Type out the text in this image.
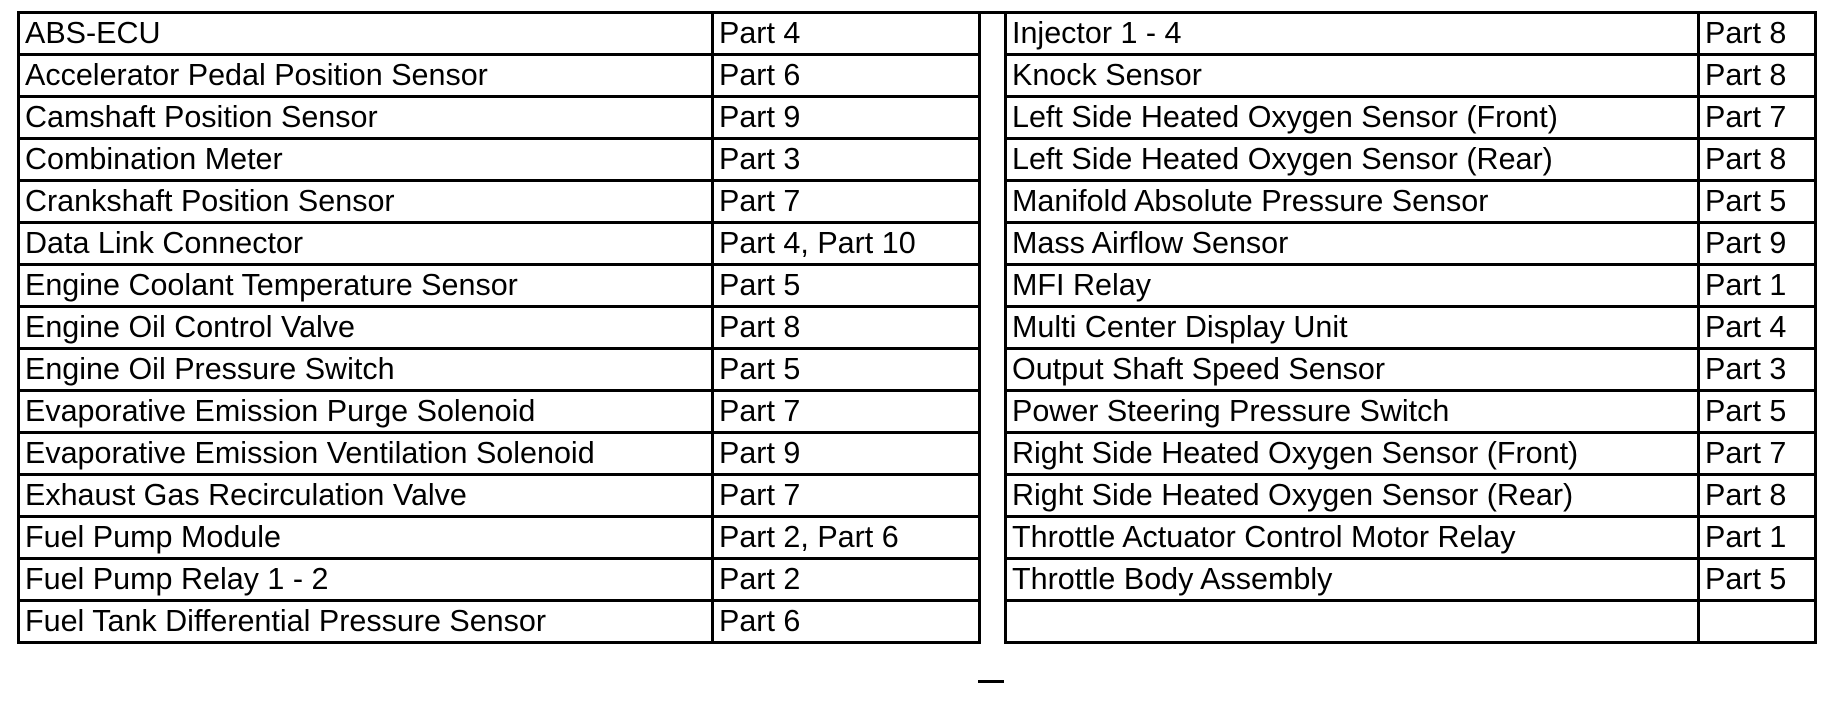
ABS-ECU	Part 4
Accelerator Pedal Position Sensor	Part 6
Camshaft Position Sensor	Part 9
Combination Meter	Part 3
Crankshaft Position Sensor	Part 7
Data Link Connector	Part 4, Part 10
Engine Coolant Temperature Sensor	Part 5
Engine Oil Control Valve	Part 8
Engine Oil Pressure Switch	Part 5
Evaporative Emission Purge Solenoid	Part 7
Evaporative Emission Ventilation Solenoid	Part 9
Exhaust Gas Recirculation Valve	Part 7
Fuel Pump Module	Part 2, Part 6
Fuel Pump Relay 1 - 2	Part 2
Fuel Tank Differential Pressure Sensor	Part 6
Injector 1 - 4	Part 8
Knock Sensor	Part 8
Left Side Heated Oxygen Sensor (Front)	Part 7
Left Side Heated Oxygen Sensor (Rear)	Part 8
Manifold Absolute Pressure Sensor	Part 5
Mass Airflow Sensor	Part 9
MFI Relay	Part 1
Multi Center Display Unit	Part 4
Output Shaft Speed Sensor	Part 3
Power Steering Pressure Switch	Part 5
Right Side Heated Oxygen Sensor (Front)	Part 7
Right Side Heated Oxygen Sensor (Rear)	Part 8
Throttle Actuator Control Motor Relay	Part 1
Throttle Body Assembly	Part 5
